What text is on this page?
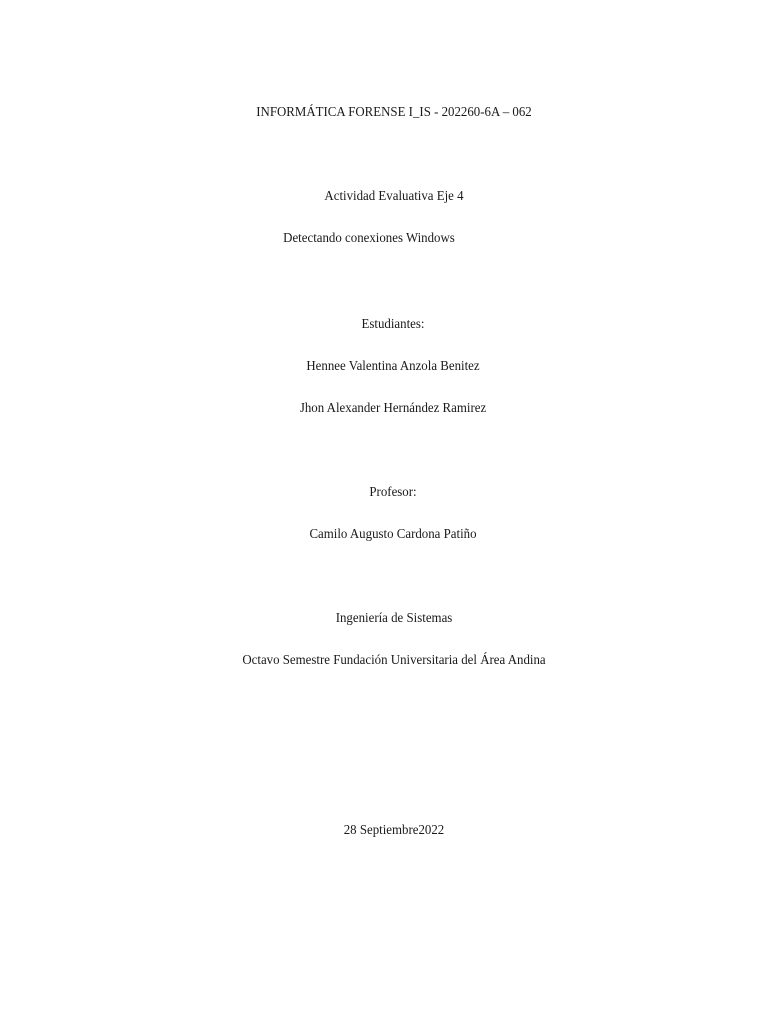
INFORMÁTICA FORENSE I_IS - 202260-6A – 062
Actividad Evaluativa Eje 4
Detectando conexiones Windows
Estudiantes:
Hennee Valentina Anzola Benitez
Jhon Alexander Hernández Ramirez
Profesor:
Camilo Augusto Cardona Patiño
Ingeniería de Sistemas
Octavo Semestre Fundación Universitaria del Área Andina
28 Septiembre2022
